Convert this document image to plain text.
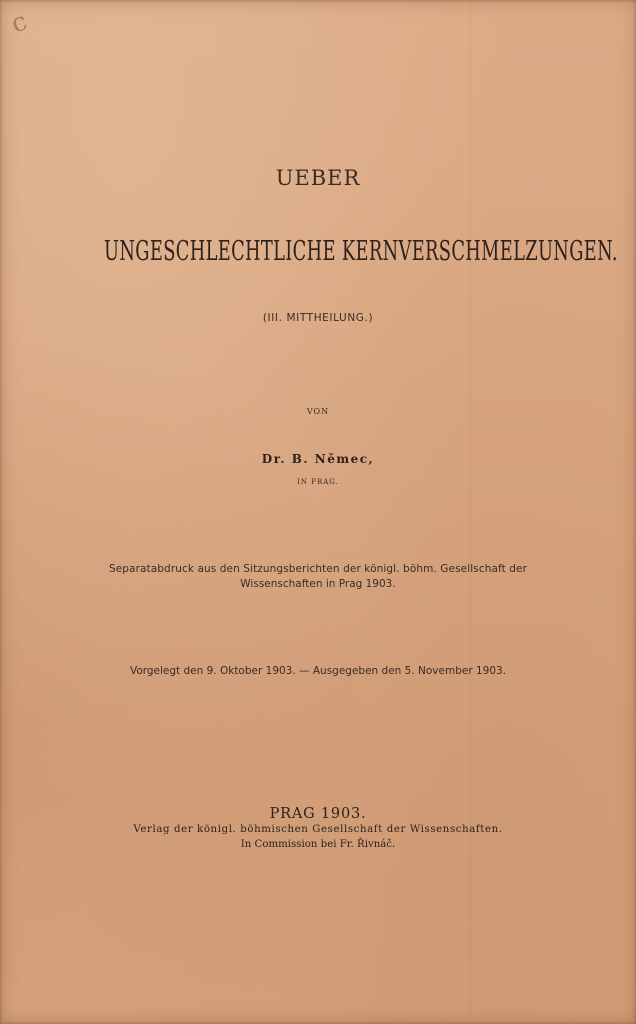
c
UEBER
UNGESCHLECHTLICHE KERNVERSCHMELZUNGEN.
(III. MITTHEILUNG.)
VON
Dr. B. Němec,
IN PRAG.
Separatabdruck aus den Sitzungsberichten der königl. böhm. Gesellschaft der
Wissenschaften in Prag 1903.
Vorgelegt den 9. Oktober 1903. — Ausgegeben den 5. November 1903.
PRAG 1903.
Verlag der königl. böhmischen Gesellschaft der Wissenschaften.
In Commission bei Fr. Řivnáč.
